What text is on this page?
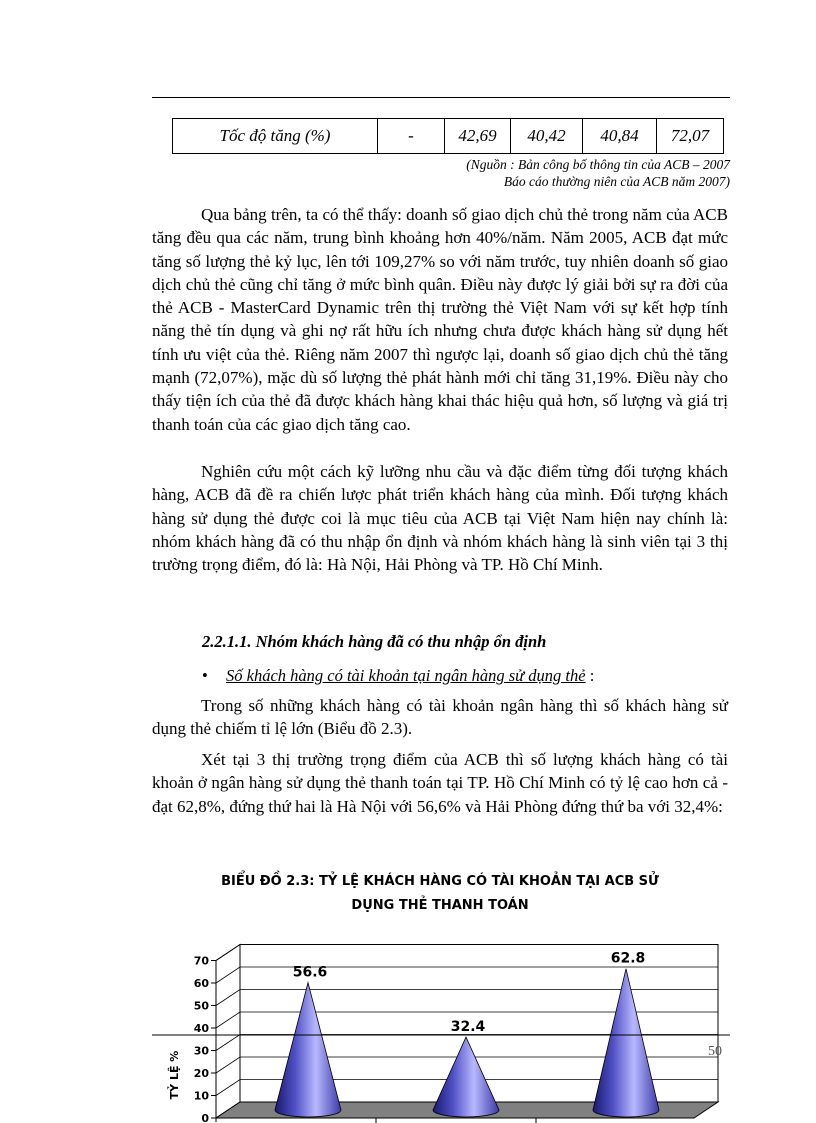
Tốc độ tăng (%)	-	42,69	40,42	40,84	72,07
(Nguồn : Bản công bố thông tin của ACB – 2007
Báo cáo thường niên của ACB năm 2007)

Qua bảng trên, ta có thể thấy: doanh số giao dịch chủ thẻ trong năm của ACB tăng đều qua các năm, trung bình khoảng hơn 40%/năm. Năm 2005, ACB đạt mức tăng số lượng thẻ kỷ lục, lên tới 109,27% so với năm trước, tuy nhiên doanh số giao dịch chủ thẻ cũng chỉ tăng ở mức bình quân. Điều này được lý giải bởi sự ra đời của thẻ ACB - MasterCard Dynamic trên thị trường thẻ Việt Nam với sự kết hợp tính năng thẻ tín dụng và ghi nợ rất hữu ích nhưng chưa được khách hàng sử dụng hết tính ưu việt của thẻ. Riêng năm 2007 thì ngược lại, doanh số giao dịch chủ thẻ tăng mạnh (72,07%), mặc dù số lượng thẻ phát hành mới chỉ tăng 31,19%. Điều này cho thấy tiện ích của thẻ đã được khách hàng khai thác hiệu quả hơn, số lượng và giá trị thanh toán của các giao dịch tăng cao.

Nghiên cứu một cách kỹ lưỡng nhu cầu và đặc điểm từng đối tượng khách hàng, ACB đã đề ra chiến lược phát triển khách hàng của mình. Đối tượng khách hàng sử dụng thẻ được coi là mục tiêu của ACB tại Việt Nam hiện nay chính là: nhóm khách hàng đã có thu nhập ổn định và nhóm khách hàng là sinh viên tại 3 thị trường trọng điểm, đó là: Hà Nội, Hải Phòng và TP. Hồ Chí Minh.

2.2.1.1. Nhóm khách hàng đã có thu nhập ổn định

• Số khách hàng có tài khoản tại ngân hàng sử dụng thẻ :

Trong số những khách hàng có tài khoản ngân hàng thì số khách hàng sử dụng thẻ chiếm tỉ lệ lớn (Biểu đồ 2.3).

Xét tại 3 thị trường trọng điểm của ACB thì số lượng khách hàng có tài khoản ở ngân hàng sử dụng thẻ thanh toán tại TP. Hồ Chí Minh có tỷ lệ cao hơn cả - đạt 62,8%, đứng thứ hai là Hà Nội với 56,6% và Hải Phòng đứng thứ ba với 32,4%:

BIỂU ĐỒ 2.3: TỶ LỆ KHÁCH HÀNG CÓ TÀI KHOẢN TẠI ACB SỬ
DỤNG THẺ THANH TOÁN
0
10
20
30
40
50
60
70
56.6
32.4
62.8
TỶ LỆ %	50
